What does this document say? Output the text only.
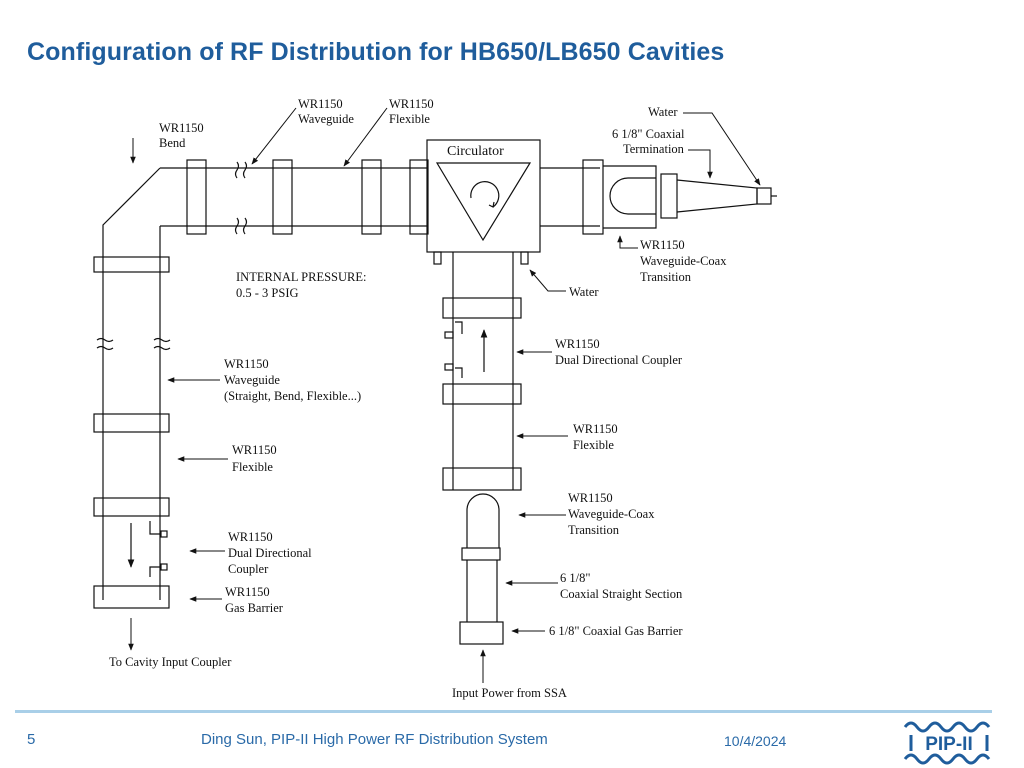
Configuration of RF Distribution for HB650/LB650 Cavities
WR1150 Bend
WR1150 Waveguide
WR1150 Flexible
Circulator
Water
6 1/8" Coaxial Termination
WR1150 Waveguide-Coax Transition
Water
INTERNAL PRESSURE: 0.5 - 3 PSIG
WR1150 Dual Directional Coupler
WR1150 Waveguide (Straight, Bend, Flexible...)
WR1150 Flexible
WR1150 Flexible
WR1150 Waveguide-Coax Transition
WR1150 Dual Directional Coupler
6 1/8" Coaxial Straight Section
WR1150 Gas Barrier
6 1/8" Coaxial Gas Barrier
To Cavity Input Coupler
Input Power from SSA
5	Ding Sun, PIP-II High Power RF Distribution System	10/4/2024	PIP-II
